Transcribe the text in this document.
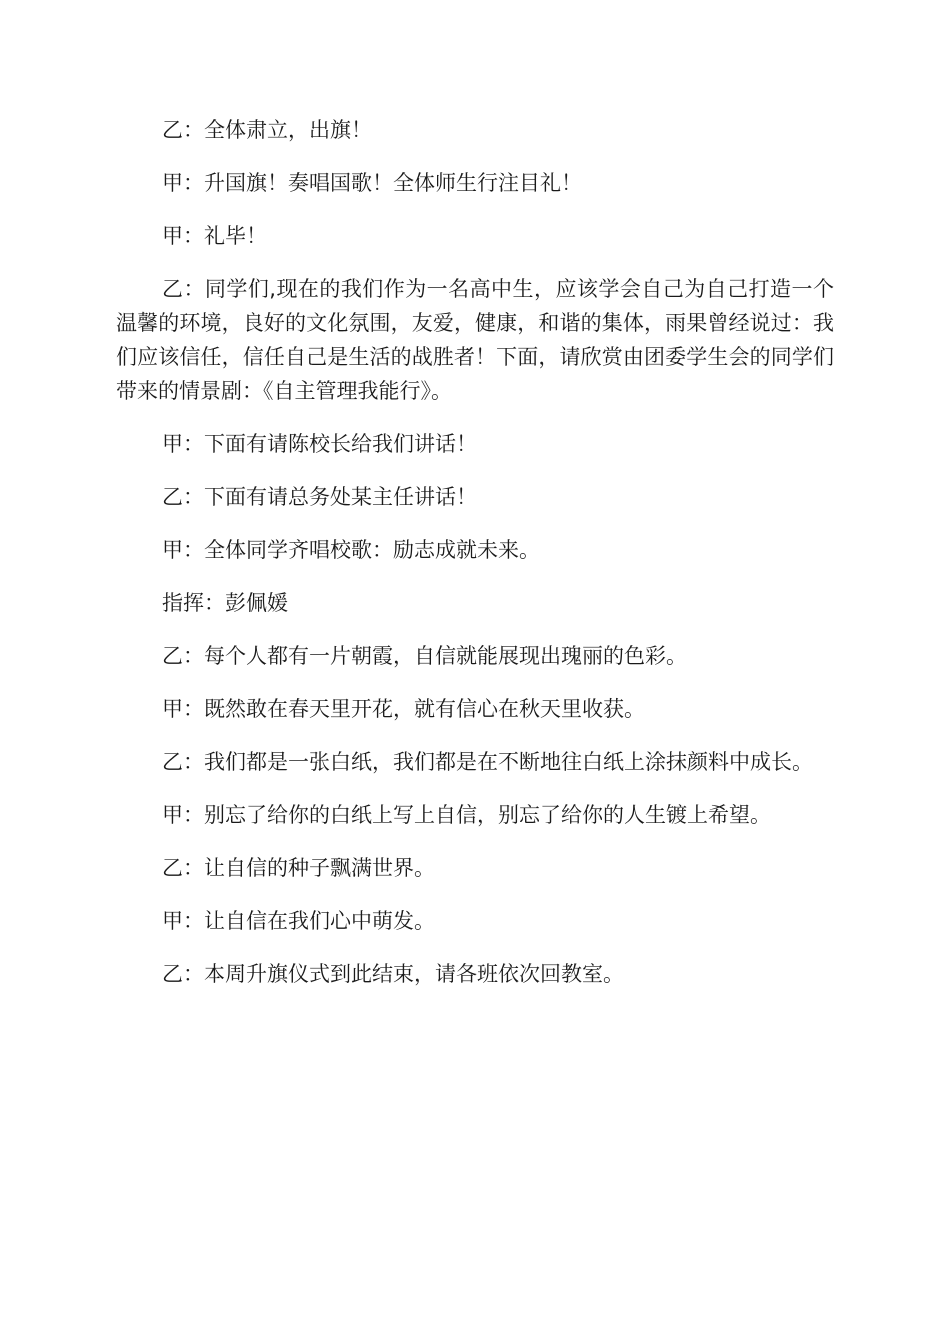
乙：全体肃立，出旗！

甲：升国旗！奏唱国歌！全体师生行注目礼！

甲：礼毕！

乙：同学们,现在的我们作为一名高中生，应该学会自己为自己打造一个温馨的环境，良好的文化氛围，友爱，健康，和谐的集体，雨果曾经说过：我们应该信任，信任自己是生活的战胜者！下面，请欣赏由团委学生会的同学们带来的情景剧：《自主管理我能行》。

甲：下面有请陈校长给我们讲话！

乙：下面有请总务处某主任讲话！

甲：全体同学齐唱校歌：励志成就未来。

指挥：彭佩媛

乙：每个人都有一片朝霞，自信就能展现出瑰丽的色彩。

甲：既然敢在春天里开花，就有信心在秋天里收获。

乙：我们都是一张白纸，我们都是在不断地往白纸上涂抹颜料中成长。

甲：别忘了给你的白纸上写上自信，别忘了给你的人生镀上希望。

乙：让自信的种子飘满世界。

甲：让自信在我们心中萌发。

乙：本周升旗仪式到此结束，请各班依次回教室。
